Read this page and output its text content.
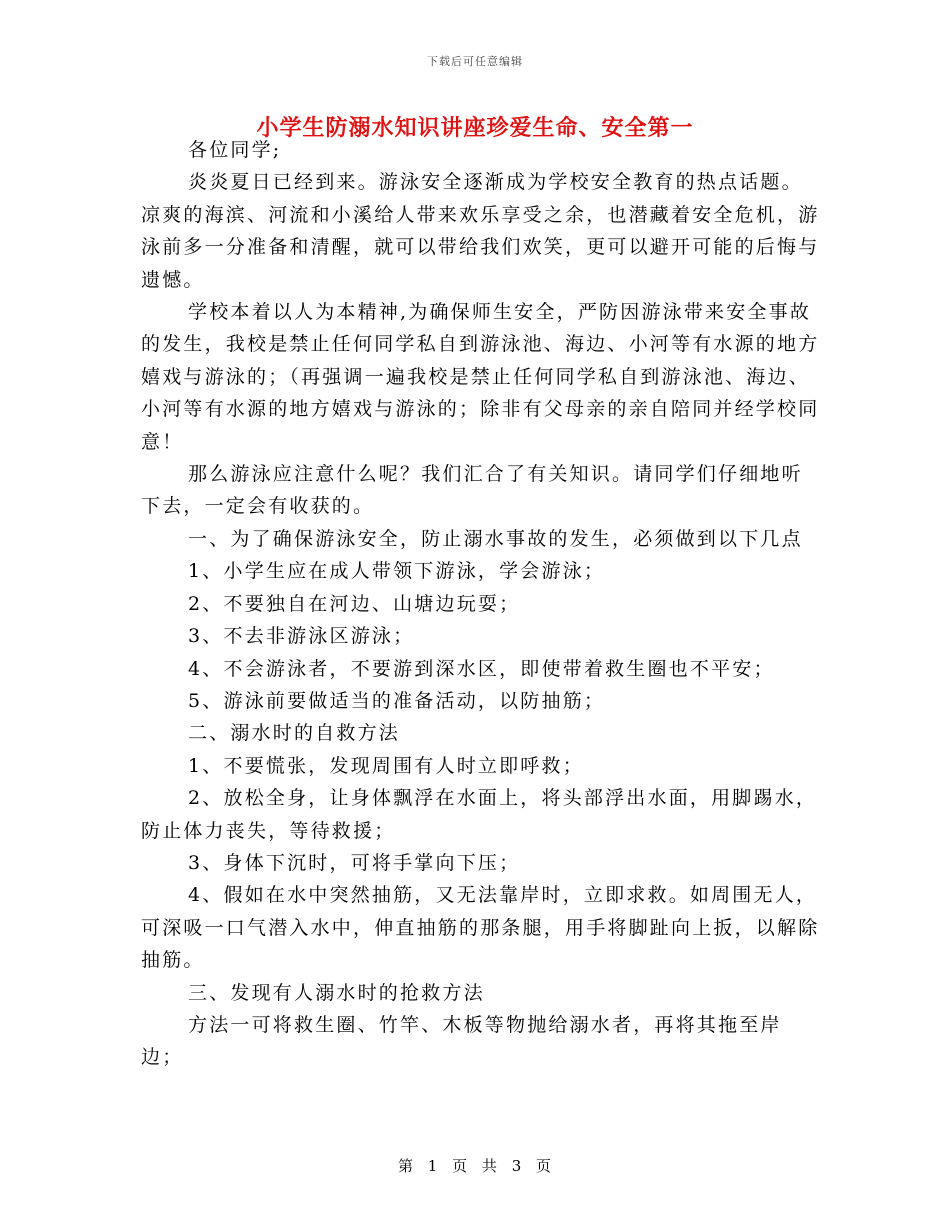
下载后可任意编辑
小学生防溺水知识讲座珍爱生命、安全第一

各位同学;

炎炎夏日已经到来。游泳安全逐渐成为学校安全教育的热点话题。凉爽的海滨、河流和小溪给人带来欢乐享受之余，也潜藏着安全危机，游泳前多一分准备和清醒，就可以带给我们欢笑，更可以避开可能的后悔与遗憾。

学校本着以人为本精神,为确保师生安全，严防因游泳带来安全事故的发生，我校是禁止任何同学私自到游泳池、海边、小河等有水源的地方嬉戏与游泳的；（再强调一遍我校是禁止任何同学私自到游泳池、海边、小河等有水源的地方嬉戏与游泳的；除非有父母亲的亲自陪同并经学校同意！

那么游泳应注意什么呢？我们汇合了有关知识。请同学们仔细地听下去，一定会有收获的。

一、为了确保游泳安全，防止溺水事故的发生，必须做到以下几点

1、小学生应在成人带领下游泳，学会游泳；

2、不要独自在河边、山塘边玩耍；

3、不去非游泳区游泳；

4、不会游泳者，不要游到深水区，即使带着救生圈也不平安；

5、游泳前要做适当的准备活动，以防抽筋；

二、溺水时的自救方法

1、不要慌张，发现周围有人时立即呼救；

2、放松全身，让身体飘浮在水面上，将头部浮出水面，用脚踢水，防止体力丧失，等待救援；

3、身体下沉时，可将手掌向下压；

4、假如在水中突然抽筋，又无法靠岸时，立即求救。如周围无人，可深吸一口气潜入水中，伸直抽筋的那条腿，用手将脚趾向上扳，以解除抽筋。

三、发现有人溺水时的抢救方法

方法一可将救生圈、竹竿、木板等物抛给溺水者，再将其拖至岸边；

第 1 页 共 3 页
